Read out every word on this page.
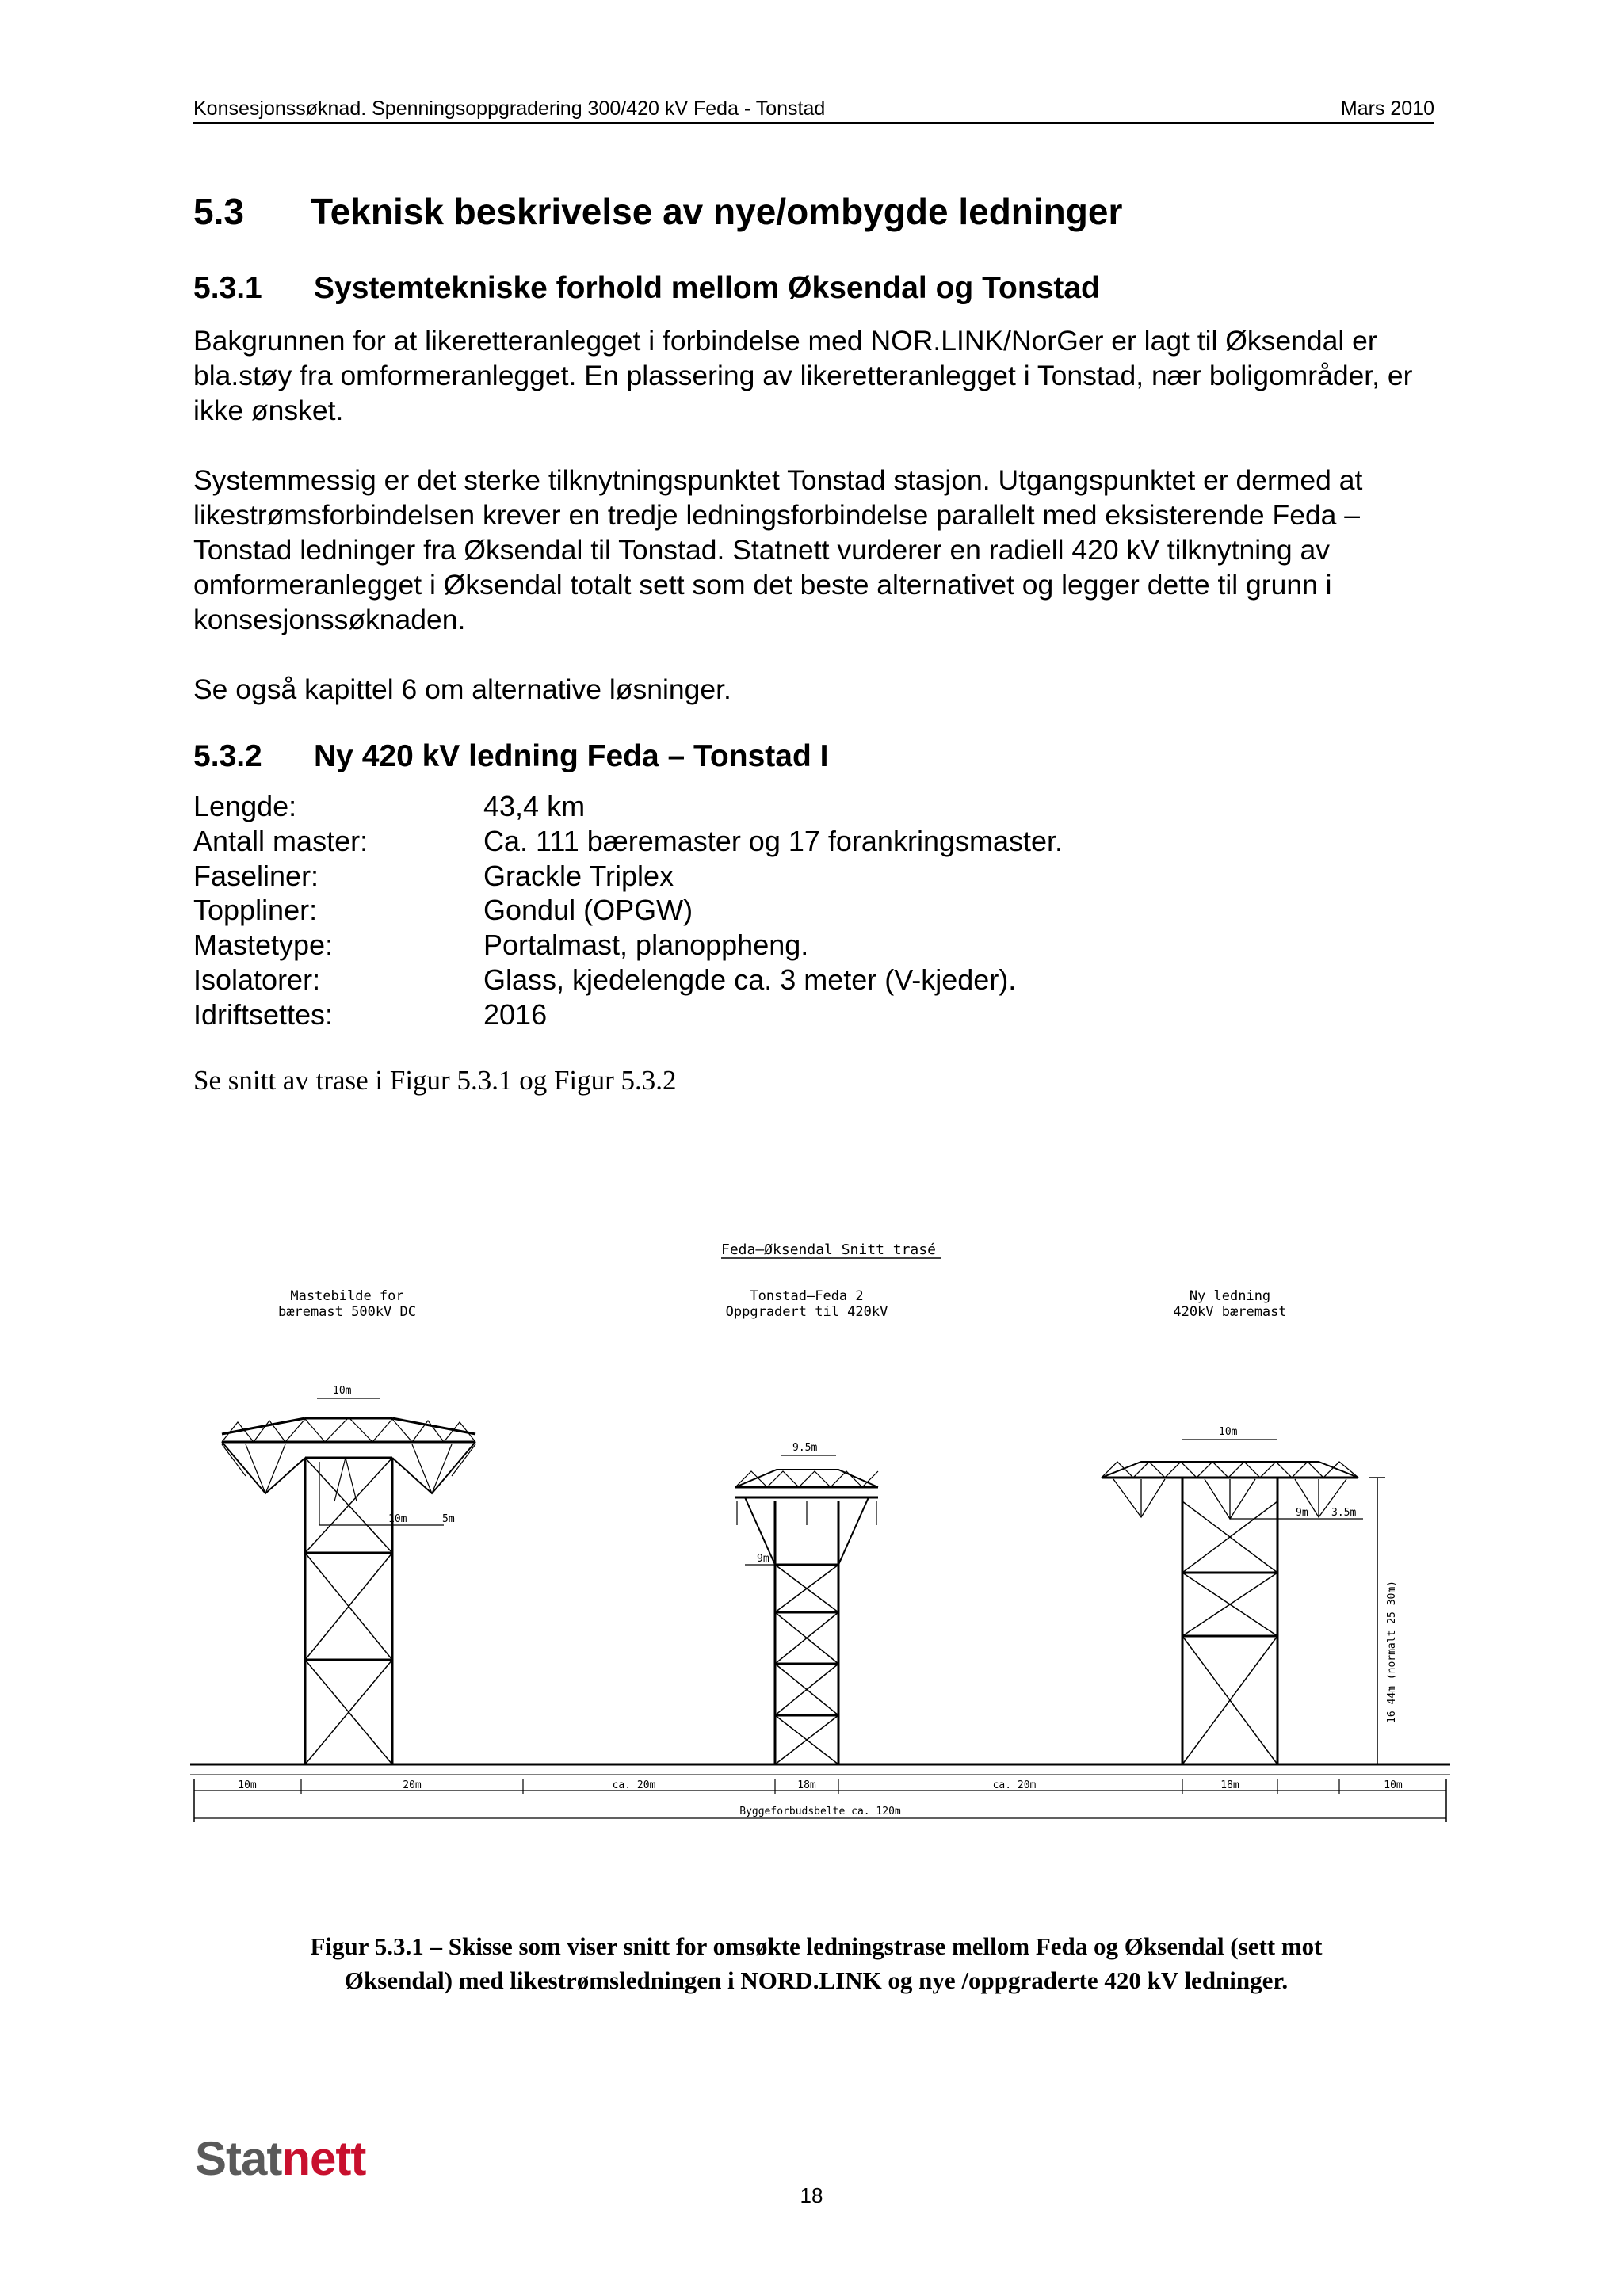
Konsesjonssøknad. Spenningsoppgradering 300/420 kV Feda - Tonstad	Mars 2010
5.3 Teknisk beskrivelse av nye/ombygde ledninger
5.3.1 Systemtekniske forhold mellom Øksendal og Tonstad

Bakgrunnen for at likeretteranlegget i forbindelse med NOR.LINK/NorGer er lagt til Øksendal er bla.støy fra omformeranlegget. En plassering av likeretteranlegget i Tonstad, nær boligområder, er ikke ønsket.

Systemmessig er det sterke tilknytningspunktet Tonstad stasjon. Utgangspunktet er dermed at likestrømsforbindelsen krever en tredje ledningsforbindelse parallelt med eksisterende Feda – Tonstad ledninger fra Øksendal til Tonstad. Statnett vurderer en radiell 420 kV tilknytning av omformeranlegget i Øksendal totalt sett som det beste alternativet og legger dette til grunn i konsesjonssøknaden.

Se også kapittel 6 om alternative løsninger.

5.3.2 Ny 420 kV ledning Feda – Tonstad I
Lengde:	43,4 km
Antall master:	Ca. 111 bæremaster og 17 forankringsmaster.
Faseliner:	Grackle Triplex
Toppliner:	Gondul (OPGW)
Mastetype:	Portalmast, planoppheng.
Isolatorer:	Glass, kjedelengde ca. 3 meter (V-kjeder).
Idriftsettes:	2016
Se snitt av trase i Figur 5.3.1 og Figur 5.3.2
Feda–Øksendal Snitt trasé
Mastebilde for
bæremast 500kV DC
Tonstad–Feda 2
Oppgradert til 420kV
Ny ledning
420kV bæremast
10m
10m	5m
9.5m
9m
10m
9m 3.5m
16–44m (normalt 25–30m)
10m	20m	ca. 20m	18m	ca. 20m	18m	10m
Byggeforbudsbelte ca. 120m
Figur 5.3.1 – Skisse som viser snitt for omsøkte ledningstrase mellom Feda og Øksendal (sett mot
Øksendal) med likestrømsledningen i NORD.LINK og nye /oppgraderte 420 kV ledninger.
Statnett
18
